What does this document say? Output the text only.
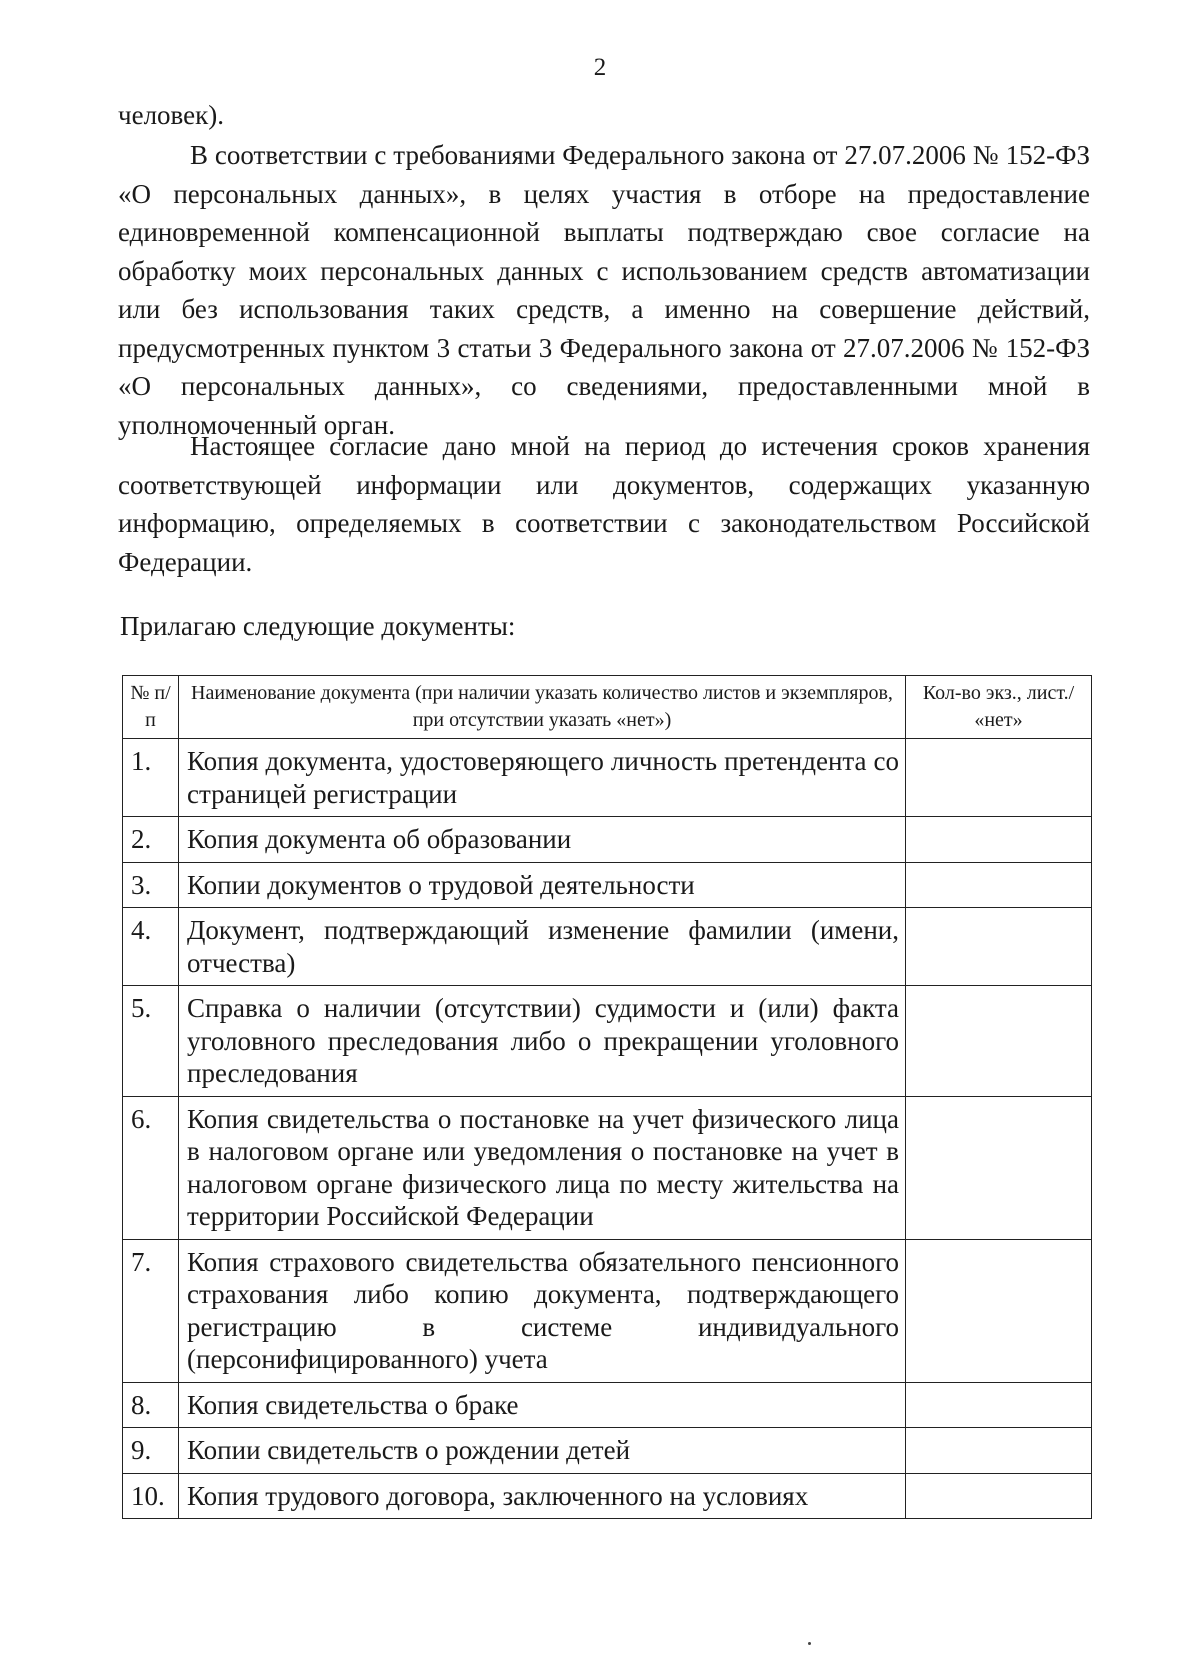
2
человек).
В соответствии с требованиями Федерального закона от 27.07.2006 № 152-ФЗ «О персональных данных», в целях участия в отборе на предоставление единовременной компенсационной выплаты подтверждаю свое согласие на обработку моих персональных данных с использованием средств автоматизации или без использования таких средств, а именно на совершение действий, предусмотренных пунктом 3 статьи 3 Федерального закона от 27.07.2006 № 152-ФЗ «О персональных данных», со сведениями, предоставленными мной в уполномоченный орган.
Настоящее согласие дано мной на период до истечения сроков хранения соответствующей информации или документов, содержащих указанную информацию, определяемых в соответствии с законодательством Российской Федерации.
Прилагаю следующие документы:
№ п/п	Наименование документа (при наличии указать количество листов и экземпляров, при отсутствии указать «нет»)	Кол-во экз., лист./ «нет»
1.	Копия документа, удостоверяющего личность претендента со страницей регистрации	
2.	Копия документа об образовании	
3.	Копии документов о трудовой деятельности	
4.	Документ, подтверждающий изменение фамилии (имени, отчества)	
5.	Справка о наличии (отсутствии) судимости и (или) факта уголовного преследования либо о прекращении уголовного преследования	
6.	Копия свидетельства о постановке на учет физического лица в налоговом органе или уведомления о постановке на учет в налоговом органе физического лица по месту жительства на территории Российской Федерации	
7.	Копия страхового свидетельства обязательного пенсионного страхования либо копию документа, подтверждающего регистрацию в системе индивидуального (персонифицированного) учета	
8.	Копия свидетельства о браке	
9.	Копии свидетельств о рождении детей	
10.	Копия трудового договора, заключенного на условиях	
